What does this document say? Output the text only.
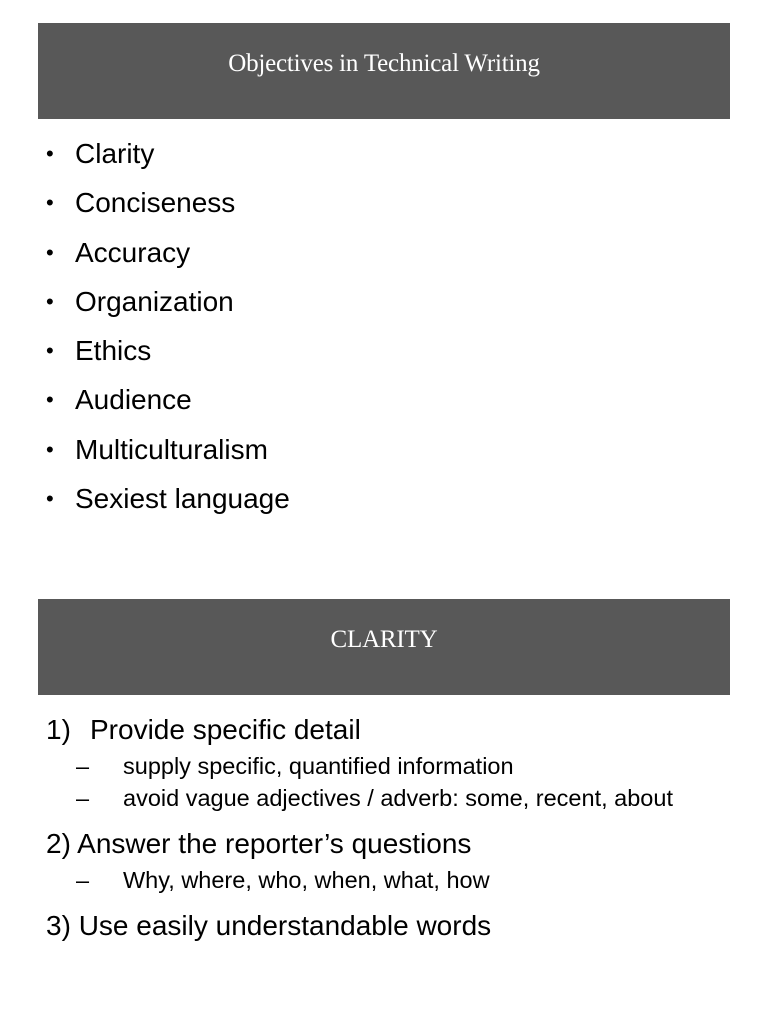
Objectives in Technical Writing
• Clarity
• Conciseness
• Accuracy
• Organization
• Ethics
• Audience
• Multiculturalism
• Sexiest language
CLARITY
1) Provide specific detail
–	supply specific, quantified information
–	avoid vague adjectives / adverb: some, recent, about
2) Answer the reporter’s questions
–	Why, where, who, when, what, how
3) Use easily understandable words
